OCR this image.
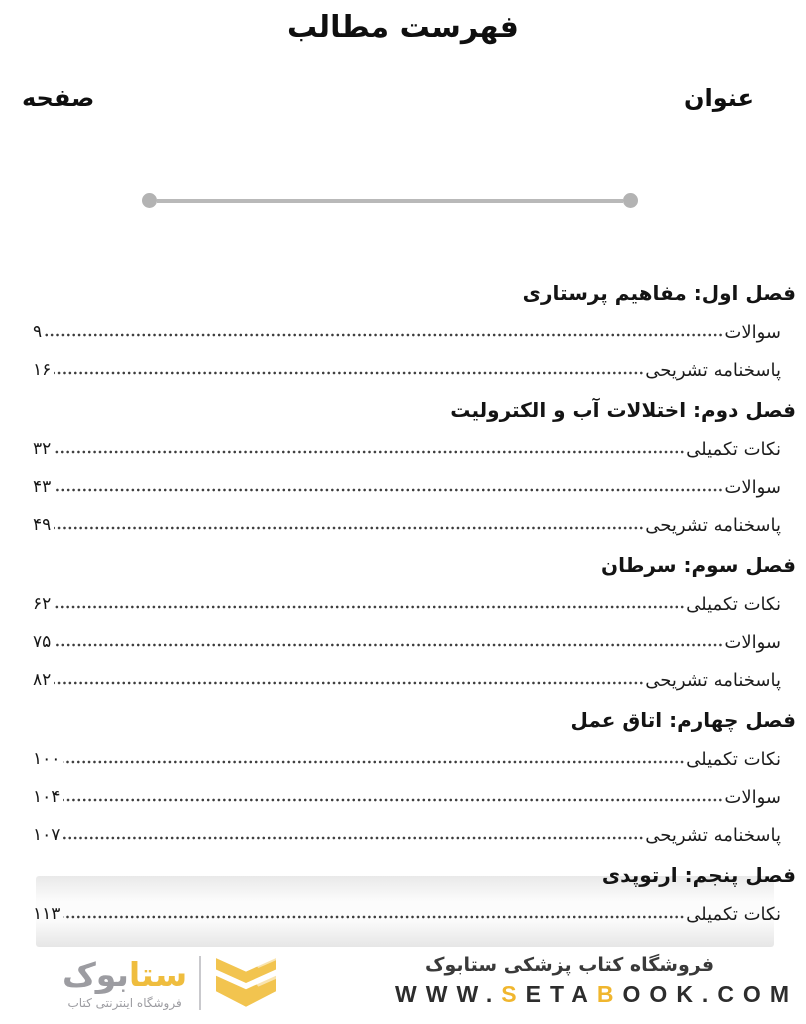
فهرست مطالب
عنوان
صفحه
فصل اول: مفاهیم پرستاری
سوالات
۹
پاسخنامه تشریحی
۱۶
فصل دوم: اختلالات آب و الکترولیت
نکات تکمیلی
۳۲
سوالات
۴۳
پاسخنامه تشریحی
۴۹
فصل سوم: سرطان
نکات تکمیلی
۶۲
سوالات
۷۵
پاسخنامه تشریحی
۸۲
فصل چهارم: اتاق عمل
نکات تکمیلی
۱۰۰
سوالات
۱۰۴
پاسخنامه تشریحی
۱۰۷
فصل پنجم: ارتوپدی
نکات تکمیلی
۱۱۳
ستابوک
فروشگاه اینترنتی کتاب
فروشگاه کتاب پزشکی ستابوک
WWW.SETABOOK.COM
